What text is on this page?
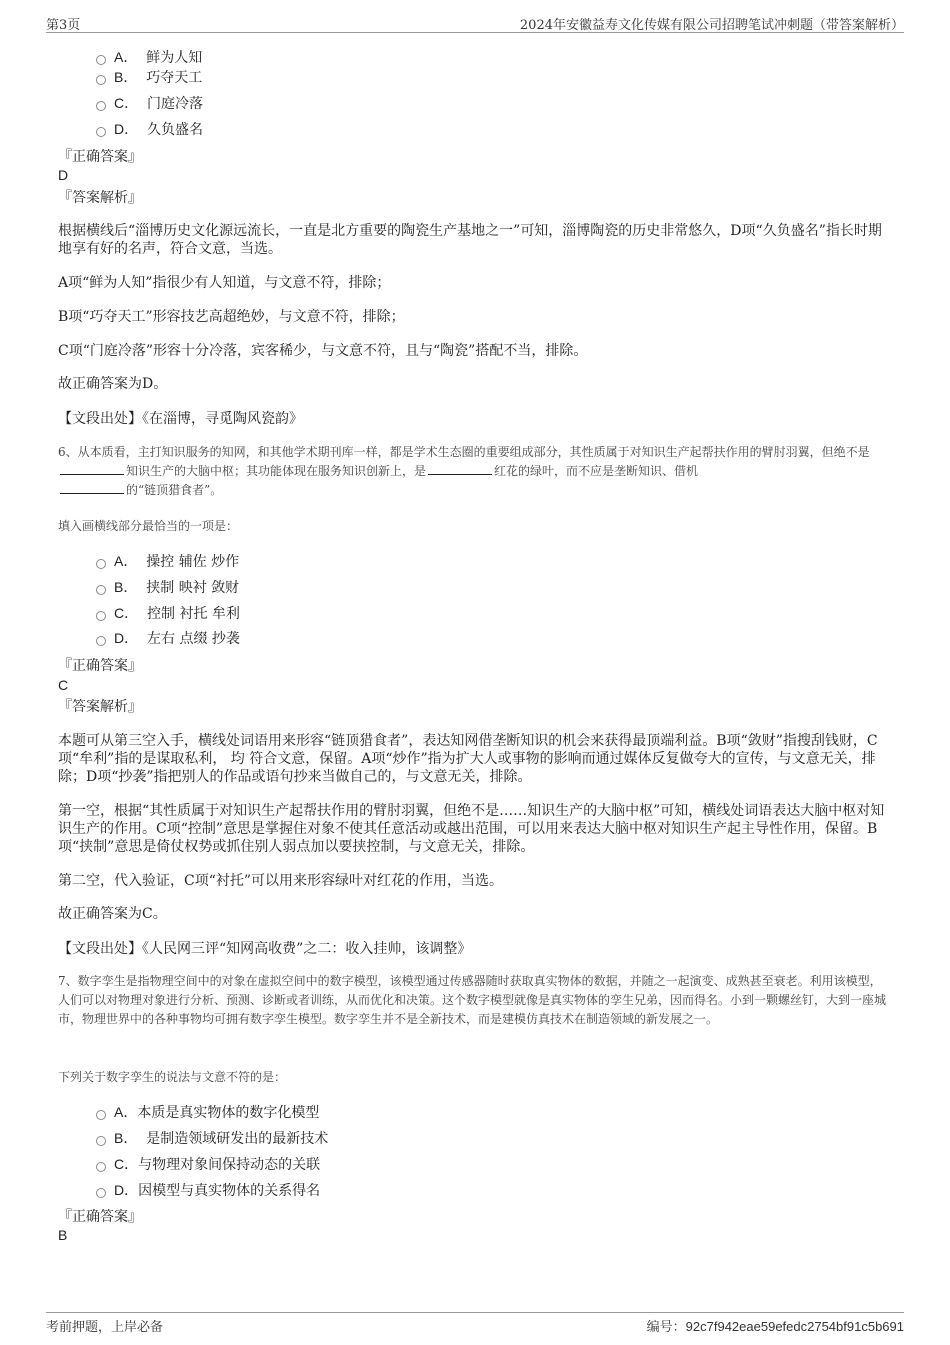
第3页	2024年安徽益寿文化传媒有限公司招聘笔试冲刺题（带答案解析）
A． 鲜为人知
B． 巧夺天工
C． 门庭冷落
D． 久负盛名
『正确答案』
D
『答案解析』
根据横线后“淄博历史文化源远流长，一直是北方重要的陶瓷生产基地之一”可知，淄博陶瓷的历史非常悠久，D项“久负盛名”指长时期地享有好的名声，符合文意，当选。
A项“鲜为人知”指很少有人知道，与文意不符，排除；
B项“巧夺天工”形容技艺高超绝妙，与文意不符，排除；
C项“门庭冷落”形容十分冷落，宾客稀少，与文意不符，且与“陶瓷”搭配不当，排除。
故正确答案为D。
【文段出处】《在淄博，寻觅陶风瓷韵》
6、从本质看，主打知识服务的知网，和其他学术期刊库一样，都是学术生态圈的重要组成部分，其性质属于对知识生产起帮扶作用的臂肘羽翼，但绝不是知识生产的大脑中枢；其功能体现在服务知识创新上，是	红花的绿叶，而不应是垄断知识、借机
的“链顶猎食者”。
填入画横线部分最恰当的一项是：
A． 操控 辅佐 炒作
B． 挟制 映衬 敛财
C． 控制 衬托 牟利
D． 左右 点缀 抄袭
『正确答案』
C
『答案解析』
本题可从第三空入手，横线处词语用来形容“链顶猎食者”，表达知网借垄断知识的机会来获得最顶端利益。B项“敛财”指搜刮钱财，C项“牟利”指的是谋取私利， 均 符合文意，保留。A项“炒作”指为扩大人或事物的影响而通过媒体反复做夸大的宣传，与文意无关，排除；D项“抄袭”指把别人的作品或语句抄来当做自己的，与文意无关，排除。
第一空，根据“其性质属于对知识生产起帮扶作用的臂肘羽翼，但绝不是……知识生产的大脑中枢”可知，横线处词语表达大脑中枢对知识生产的作用。C项“控制”意思是掌握住对象不使其任意活动或越出范围，可以用来表达大脑中枢对知识生产起主导性作用，保留。B项“挟制”意思是倚仗权势或抓住别人弱点加以要挟控制，与文意无关，排除。
第二空，代入验证，C项“衬托”可以用来形容绿叶对红花的作用，当选。
故正确答案为C。
【文段出处】《人民网三评“知网高收费”之二：收入挂帅，该调整》
7、数字孪生是指物理空间中的对象在虚拟空间中的数字模型，该模型通过传感器随时获取真实物体的数据，并随之一起演变、成熟甚至衰老。利用该模型，人们可以对物理对象进行分析、预测、诊断或者训练，从而优化和决策。这个数字模型就像是真实物体的孪生兄弟，因而得名。小到一颗螺丝钉，大到一座城市，物理世界中的各种事物均可拥有数字孪生模型。数字孪生并不是全新技术，而是建模仿真技术在制造领域的新发展之一。
下列关于数字孪生的说法与文意不符的是：
A．本质是真实物体的数字化模型
B． 是制造领域研发出的最新技术
C．与物理对象间保持动态的关联
D．因模型与真实物体的关系得名
『正确答案』
B
考前押题，上岸必备	编号：92c7f942eae59efedc2754bf91c5b691
